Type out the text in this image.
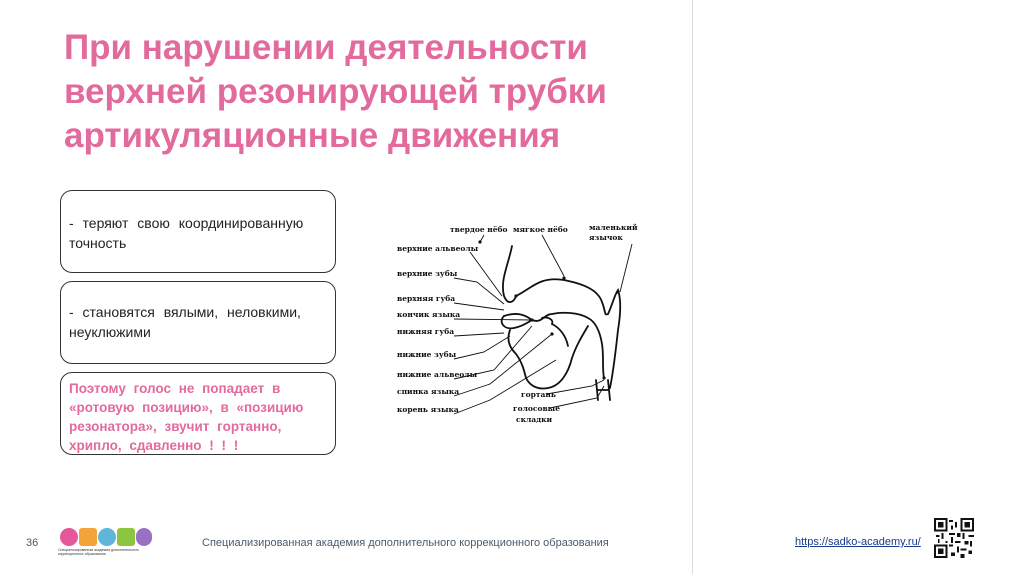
При нарушении деятельности
верхней резонирующей трубки
артикуляционные движения
- теряют свою координированную точность
- становятся вялыми, неловкими, неуклюжими
Поэтому голос не попадает в «ротовую позицию», в «позицию резонатора», звучит гортанно, хрипло, сдавленно ! ! !
твердое нёбо мягкое нёбо	маленький
язычок
верхние альвеолы
верхние зубы
верхняя губа
кончик языка
нижняя губа
нижние зубы
нижние альвеолы
спинка языка
корень языка
гортань
голосовые
складки
36
Специализированная академия дополнительного коррекционного образования
Специализированная академия дополнительного коррекционного образования	https://sadko-academy.ru/
